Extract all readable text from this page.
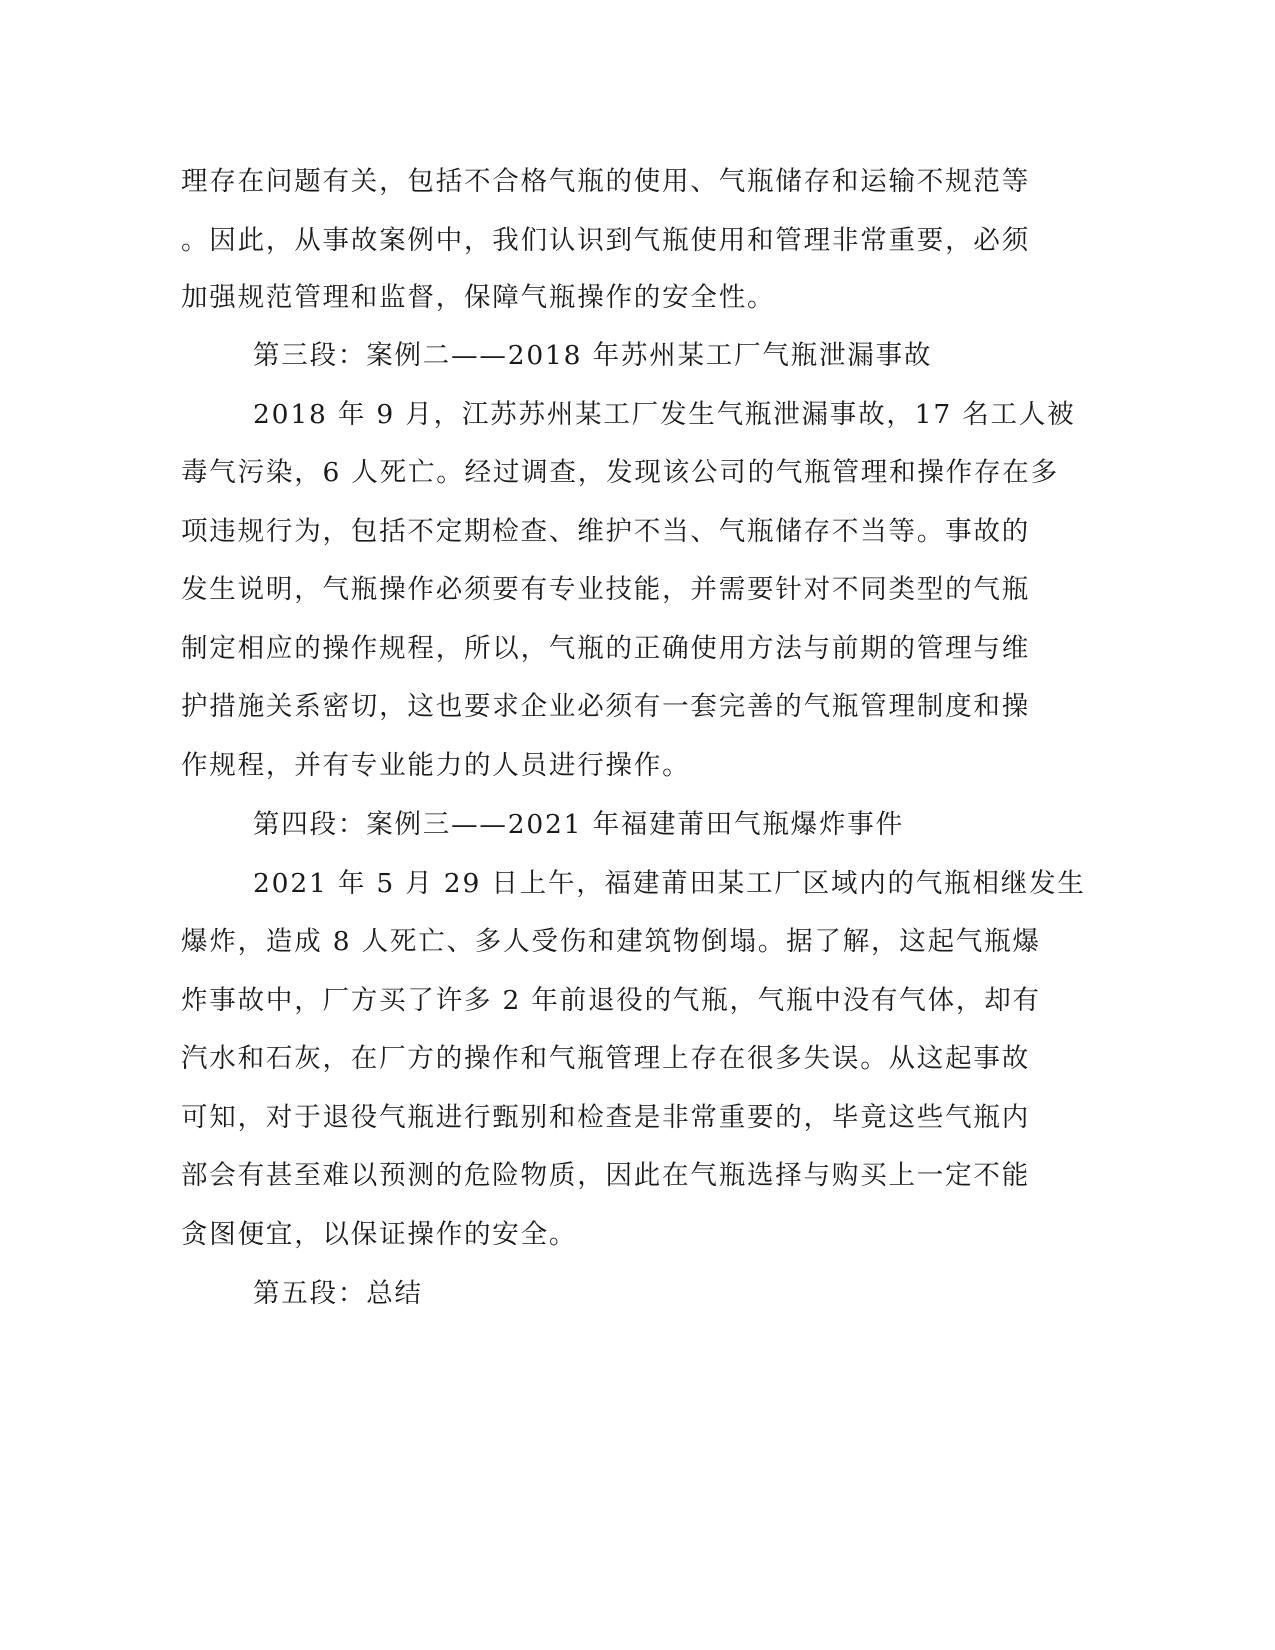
理存在问题有关，包括不合格气瓶的使用、气瓶储存和运输不规范等
。因此，从事故案例中，我们认识到气瓶使用和管理非常重要，必须
加强规范管理和监督，保障气瓶操作的安全性。
第三段：案例二——2018 年苏州某工厂气瓶泄漏事故
2018 年 9 月，江苏苏州某工厂发生气瓶泄漏事故，17 名工人被
毒气污染，6 人死亡。经过调查，发现该公司的气瓶管理和操作存在多
项违规行为，包括不定期检查、维护不当、气瓶储存不当等。事故的
发生说明，气瓶操作必须要有专业技能，并需要针对不同类型的气瓶
制定相应的操作规程，所以，气瓶的正确使用方法与前期的管理与维
护措施关系密切，这也要求企业必须有一套完善的气瓶管理制度和操
作规程，并有专业能力的人员进行操作。
第四段：案例三——2021 年福建莆田气瓶爆炸事件
2021 年 5 月 29 日上午，福建莆田某工厂区域内的气瓶相继发生
爆炸，造成 8 人死亡、多人受伤和建筑物倒塌。据了解，这起气瓶爆
炸事故中，厂方买了许多 2 年前退役的气瓶，气瓶中没有气体，却有
汽水和石灰，在厂方的操作和气瓶管理上存在很多失误。从这起事故
可知，对于退役气瓶进行甄别和检查是非常重要的，毕竟这些气瓶内
部会有甚至难以预测的危险物质，因此在气瓶选择与购买上一定不能
贪图便宜，以保证操作的安全。
第五段：总结
